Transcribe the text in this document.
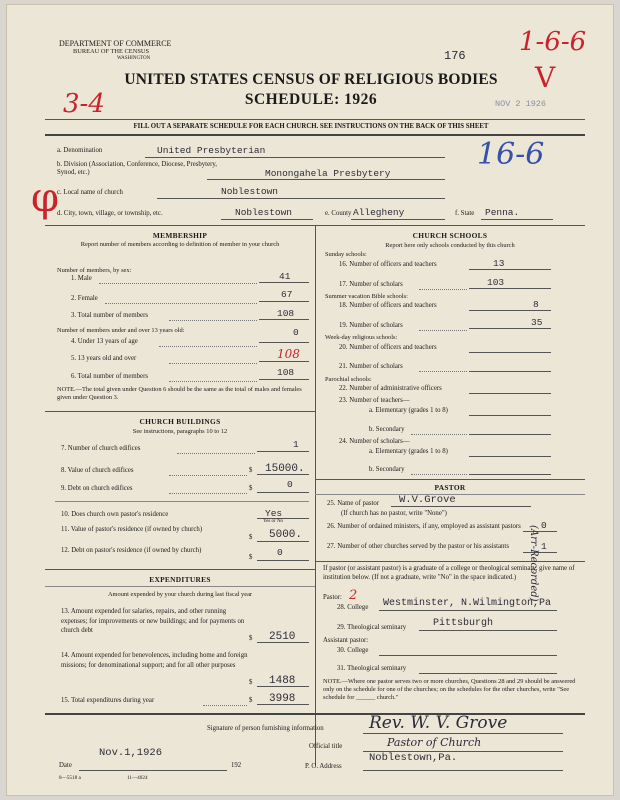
DEPARTMENT OF COMMERCE
BUREAU OF THE CENSUS
WASHINGTON	176 1-6-6
V
UNITED STATES CENSUS OF RELIGIOUS BODIES
SCHEDULE: 1926
3-4	NOV 2 1926
FILL OUT A SEPARATE SCHEDULE FOR EACH CHURCH. SEE INSTRUCTIONS ON THE BACK OF THIS SHEET
a. Denomination	United Presbyterian
b. Division (Association, Conference, Diocese, Presbytery, Synod, etc.)	Monongahela Presbytery
16-6
c. Local name of church	Noblestown
d. City, town, village, or township, etc.	Noblestown	e. County Allegheny	f. State Penna.
φ
MEMBERSHIP
Report number of members according to definition of member in your church
Number of members, by sex:
1. Male	41
2. Female	67
3. Total number of members	108
Number of members under and over 13 years old:
4. Under 13 years of age
0
5. 13 years old and over	108
6. Total number of members	108
NOTE.—The total given under Question 6 should be the same as the total of males and females given under Question 3.
CHURCH BUILDINGS
See instructions, paragraphs 10 to 12
7. Number of church edifices	1
8. Value of church edifices	$ 15000.
9. Debt on church edifices	$	0
10. Does church own pastor's residence	Yes
Yes or No
11. Value of pastor's residence (if owned by church)
$ 5000.
12. Debt on pastor's residence (if owned by church)
$	0
EXPENDITURES
Amount expended by your church during last fiscal year
13. Amount expended for salaries, repairs, and other running expenses; for improvements or new buildings; and for payments on church debt
$ 2510
14. Amount expended for benevolences, including home and foreign missions; for denominational support; and for all other purposes
$ 1488
15. Total expenditures during year	$ 3998
CHURCH SCHOOLS
Report here only schools conducted by this church
Sunday schools:
16. Number of officers and teachers	13
17. Number of scholars	103
Summer vacation Bible schools:
18. Number of officers and teachers	8
19. Number of scholars	35
Week-day religious schools:
20. Number of officers and teachers
21. Number of scholars
Parochial schools:
22. Number of administrative officers
23. Number of teachers—
a. Elementary (grades 1 to 8)
b. Secondary
24. Number of scholars—
a. Elementary (grades 1 to 8)
b. Secondary
PASTOR
25. Name of pastor W.V.Grove
(If church has no pastor, write "None")
26. Number of ordained ministers, if any, employed as assistant pastors 0
27. Number of other churches served by the pastor or his assistants	1
If pastor (or assistant pastor) is a graduate of a college or theological seminary, give name of institution below. (If not a graduate, write "No" in the space indicated.)
Pastor: 2
28. College Westminster, N.Wilmington,Pa
29. Theological seminary	Pittsburgh
Assistant pastor:
30. College
31. Theological seminary
NOTE.—Where one pastor serves two or more churches, Questions 28 and 29 should be answered only on the schedule for one of the churches; on the schedules for the other churches, write "See schedule for ______ church."
(Arr-Recorded)
Signature of person furnishing information	Rev. W. V. Grove
Official title	Pastor of Church
Nov.1,1926
Date	192
Noblestown,Pa.
P. O. Address
8—5518 a	11—4024
